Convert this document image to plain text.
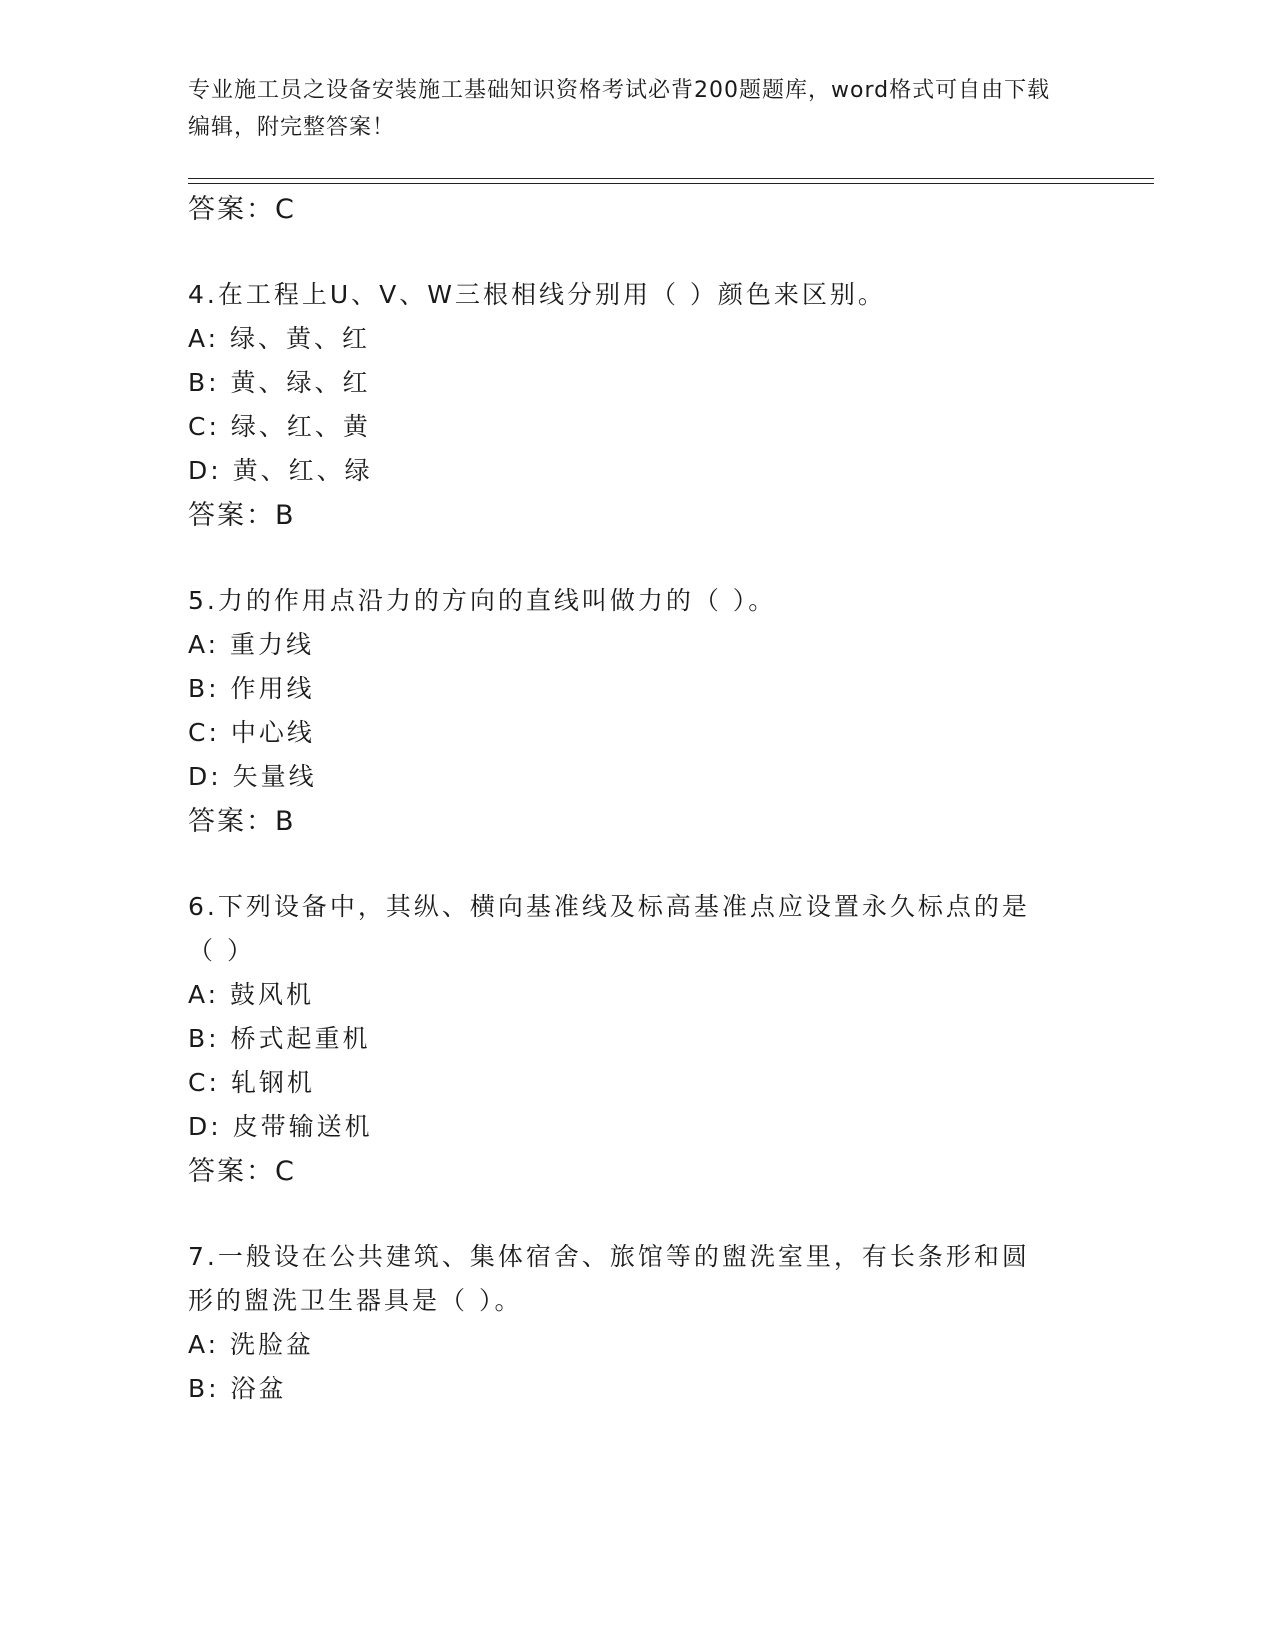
专业施工员之设备安装施工基础知识资格考试必背200题题库，word格式可自由下载编辑，附完整答案！
答案：C
4.在工程上U、V、W三根相线分别用（ ）颜色来区别。
A: 绿、黄、红
B: 黄、绿、红
C: 绿、红、黄
D: 黄、红、绿
答案：B
5.力的作用点沿力的方向的直线叫做力的（ ）。
A: 重力线
B: 作用线
C: 中心线
D: 矢量线
答案：B
6.下列设备中，其纵、横向基准线及标高基准点应设置永久标点的是
（ ）
A: 鼓风机
B: 桥式起重机
C: 轧钢机
D: 皮带输送机
答案：C
7.一般设在公共建筑、集体宿舍、旅馆等的盥洗室里，有长条形和圆
形的盥洗卫生器具是（ ）。
A: 洗脸盆
B: 浴盆
